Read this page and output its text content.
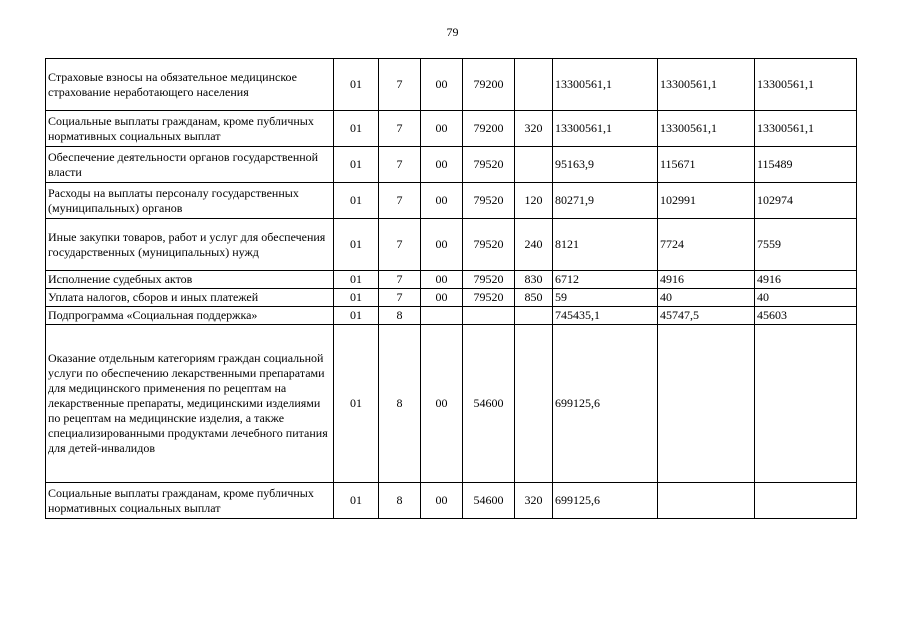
79
Страховые взносы на обязательное медицинское страхование неработающего населения	01	7	00	79200		13300561,1	13300561,1	13300561,1
Социальные выплаты гражданам, кроме публичных нормативных социальных выплат	01	7	00	79200	320	13300561,1	13300561,1	13300561,1
Обеспечение деятельности органов государственной власти	01	7	00	79520		95163,9	115671	115489
Расходы на выплаты персоналу государственных (муниципальных) органов	01	7	00	79520	120	80271,9	102991	102974
Иные закупки товаров, работ и услуг для обеспечения государственных (муниципальных) нужд	01	7	00	79520	240	8121	7724	7559
Исполнение судебных актов	01	7	00	79520	830	6712	4916	4916
Уплата налогов, сборов и иных платежей	01	7	00	79520	850	59	40	40
Подпрограмма «Социальная поддержка»	01	8				745435,1	45747,5	45603
Оказание отдельным категориям граждан социальной услуги по обеспечению лекарственными препаратами для медицинского применения по рецептам на лекарственные препараты, медицинскими изделиями по рецептам на медицинские изделия, а также специализированными продуктами лечебного питания для детей-инвалидов	01	8	00	54600		699125,6		
Социальные выплаты гражданам, кроме публичных нормативных социальных выплат	01	8	00	54600	320	699125,6		
